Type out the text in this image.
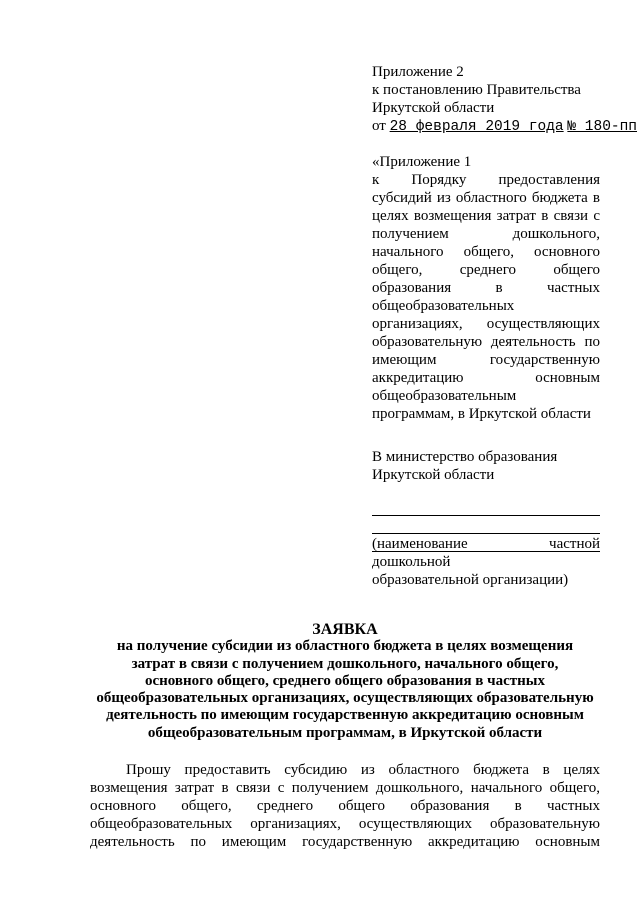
Приложение 2
к постановлению Правительства
Иркутской области
от 28 февраля 2019 года № 180-пп
«Приложение 1
к Порядку предоставления
субсидий из областного бюджета в
целях возмещения затрат в связи с
получением дошкольного,
начального общего, основного
общего, среднего общего
образования в частных
общеобразовательных
организациях, осуществляющих
образовательную деятельность по
имеющим государственную
аккредитацию основным
общеобразовательным
программам, в Иркутской области
В министерство образования
Иркутской области
(наименование частной
дошкольной
образовательной организации)
ЗАЯВКА
на получение субсидии из областного бюджета в целях возмещения
затрат в связи с получением дошкольного, начального общего,
основного общего, среднего общего образования в частных
общеобразовательных организациях, осуществляющих образовательную
деятельность по имеющим государственную аккредитацию основным
общеобразовательным программам, в Иркутской области
Прошу предоставить субсидию из областного бюджета в целях
возмещения затрат в связи с получением дошкольного, начального общего,
основного общего, среднего общего образования в частных
общеобразовательных организациях, осуществляющих образовательную
деятельность по имеющим государственную аккредитацию основным
